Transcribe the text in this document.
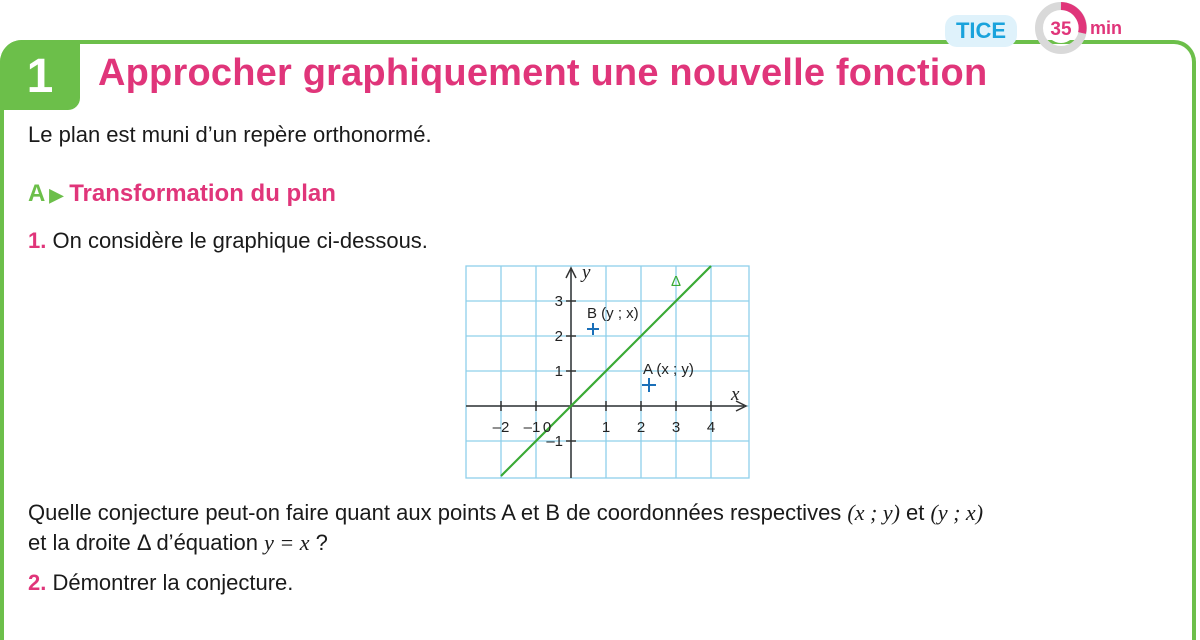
TICE	35 min
1	Approcher graphiquement une nouvelle fonction
Le plan est muni d’un repère orthonormé.
A ▶ Transformation du plan
1. On considère le graphique ci-dessous.
Δ
x
y
–2 –1 0	1 2 3 4
3
2
1
–1
B (y ; x)
A (x ; y)
Quelle conjecture peut-on faire quant aux points A et B de coordonnées respectives (x ; y) et (y ; x)
et la droite Δ d’équation y = x ?
2. Démontrer la conjecture.
